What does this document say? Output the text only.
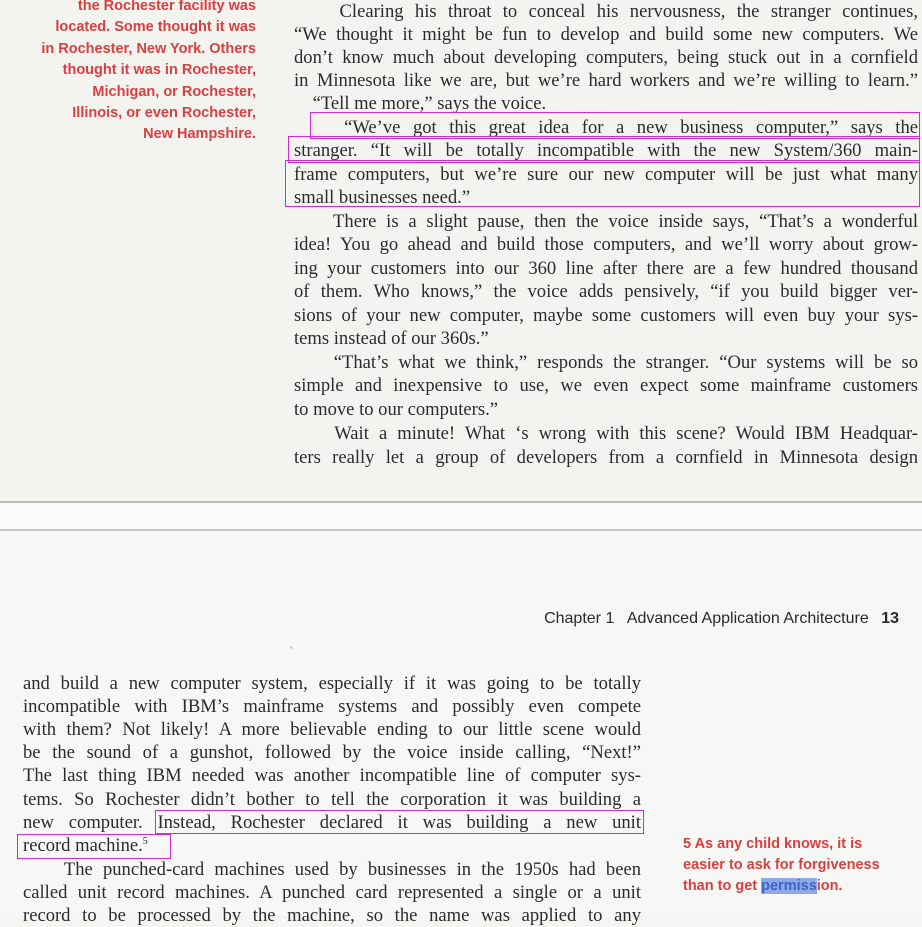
the Rochester facility was
located. Some thought it was
in Rochester, New York. Others
thought it was in Rochester,
Michigan, or Rochester,
Illinois, or even Rochester,
New Hampshire.
Clearing his throat to conceal his nervousness, the stranger continues,
“We thought it might be fun to develop and build some new computers. We
don’t know much about developing computers, being stuck out in a cornfield
in Minnesota like we are, but we’re hard workers and we’re willing to learn.”
“Tell me more,” says the voice.
“We’ve got this great idea for a new business computer,” says the
stranger. “It will be totally incompatible with the new System/360 main-
frame computers, but we’re sure our new computer will be just what many
small businesses need.”
There is a slight pause, then the voice inside says, “That’s a wonderful
idea! You go ahead and build those computers, and we’ll worry about grow-
ing your customers into our 360 line after there are a few hundred thousand
of them. Who knows,” the voice adds pensively, “if you build bigger ver-
sions of your new computer, maybe some customers will even buy your sys-
tems instead of our 360s.”
“That’s what we think,” responds the stranger. “Our systems will be so
simple and inexpensive to use, we even expect some mainframe customers
to move to our computers.”
Wait a minute! What ‘s wrong with this scene? Would IBM Headquar-
ters really let a group of developers from a cornfield in Minnesota design
Chapter 1 Advanced Application Architecture 13
‘
and build a new computer system, especially if it was going to be totally
incompatible with IBM’s mainframe systems and possibly even compete
with them? Not likely! A more believable ending to our little scene would
be the sound of a gunshot, followed by the voice inside calling, “Next!”
The last thing IBM needed was another incompatible line of computer sys-
tems. So Rochester didn’t bother to tell the corporation it was building a
new computer. Instead, Rochester declared it was building a new unit
record machine.$^5$
The punched-card machines used by businesses in the 1950s had been
called unit record machines. A punched card represented a single or a unit
record to be processed by the machine, so the name was applied to any
5 As any child knows, it is
easier to ask for forgiveness
than to get permission.
